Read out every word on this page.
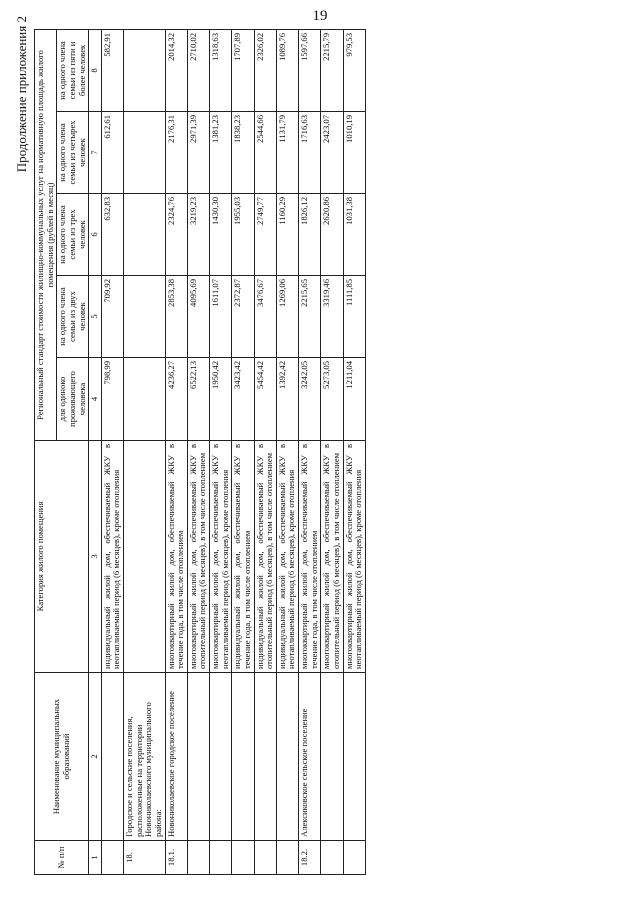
19
Продолжение приложения 2
№ п/п	Наименование муниципальных образований	Категория жилого помещения	Региональный стандарт стоимости жилищно-коммунальных услуг на нормативную площадь жилого помещения (рублей в месяц)				
			для одиноко проживающего человека	на одного члена семьи из двух человек	на одного члена семьи из трех человек	на одного члена семьи из четырех человек	на одного члена семьи из пяти и более человек
1	2	3	4	5	6	7	8
		индивидуальный жилой дом, обеспечиваемый ЖКУ в неотапливаемый период (6 месяцев), кроме отопления	798,99	709,92	632,83	612,61	582,91
18.	Городское и сельские поселения, расположенные на территории Новониколаевского муниципального района:						
18.1.	Новониколаевское городское поселение	многоквартирный жилой дом, обеспечиваемый ЖКУ в течение года, в том числе отоплением	4236,27	2853,38	2324,76	2176,31	2014,32
		многоквартирный жилой дом, обеспечиваемый ЖКУ в отопительный период (6 месяцев), в том числе отоплением	6522,13	4095,69	3219,23	2971,39	2710,02
		многоквартирный жилой дом, обеспечиваемый ЖКУ в неотапливаемый период (6 месяцев), кроме отопления	1950,42	1611,07	1430,30	1381,23	1318,63
		индивидуальный жилой дом, обеспечиваемый ЖКУ в течение года, в том числе отоплением	3423,42	2372,87	1955,03	1838,23	1707,89
		индивидуальный жилой дом, обеспечиваемый ЖКУ в отопительный период (6 месяцев), в том числе отоплением	5454,42	3476,67	2749,77	2544,66	2326,02
		индивидуальный жилой дом, обеспечиваемый ЖКУ в неотапливаемый период (6 месяцев), кроме отопления	1392,42	1269,06	1160,29	1131,79	1089,76
18.2.	Алексиковское сельское поселение	многоквартирный жилой дом, обеспечиваемый ЖКУ в течение года, в том числе отоплением	3242,05	2215,65	1826,12	1716,63	1597,66
		многоквартирный жилой дом, обеспечиваемый ЖКУ в отопительный период (6 месяцев), в том числе отоплением	5273,05	3319,46	2620,86	2423,07	2215,79
		многоквартирный жилой дом, обеспечиваемый ЖКУ в неотапливаемый период (6 месяцев), кроме отопления	1211,04	1111,85	1031,38	1010,19	979,53
